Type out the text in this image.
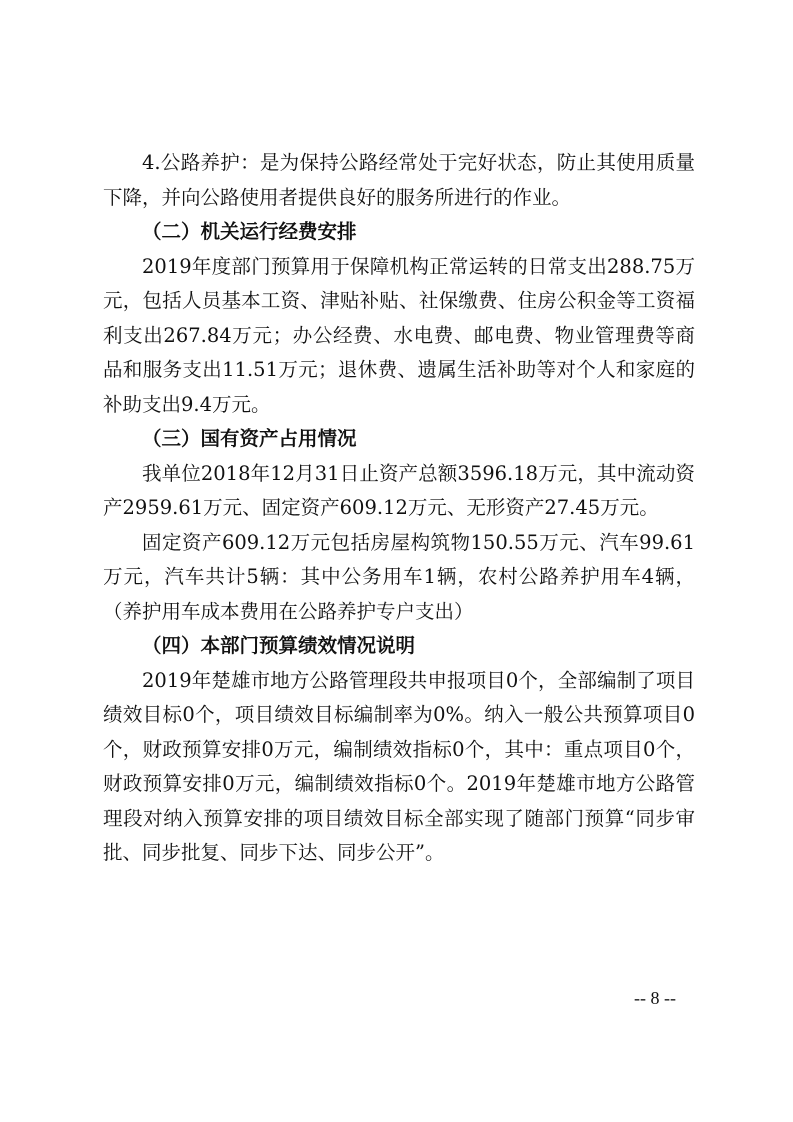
4.公路养护：是为保持公路经常处于完好状态，防止其使用质量下降，并向公路使用者提供良好的服务所进行的作业。

（二）机关运行经费安排

2019年度部门预算用于保障机构正常运转的日常支出288.75万元，包括人员基本工资、津贴补贴、社保缴费、住房公积金等工资福利支出267.84万元；办公经费、水电费、邮电费、物业管理费等商品和服务支出11.51万元；退休费、遗属生活补助等对个人和家庭的补助支出9.4万元。

（三）国有资产占用情况

我单位2018年12月31日止资产总额3596.18万元，其中流动资产2959.61万元、固定资产609.12万元、无形资产27.45万元。

固定资产609.12万元包括房屋构筑物150.55万元、汽车99.61万元，汽车共计5辆：其中公务用车1辆，农村公路养护用车4辆，（养护用车成本费用在公路养护专户支出）

（四）本部门预算绩效情况说明

2019年楚雄市地方公路管理段共申报项目0个，全部编制了项目绩效目标0个，项目绩效目标编制率为0%。纳入一般公共预算项目0个，财政预算安排0万元，编制绩效指标0个，其中：重点项目0个，财政预算安排0万元，编制绩效指标0个。2019年楚雄市地方公路管理段对纳入预算安排的项目绩效目标全部实现了随部门预算“同步审批、同步批复、同步下达、同步公开”。

-- 8 --
